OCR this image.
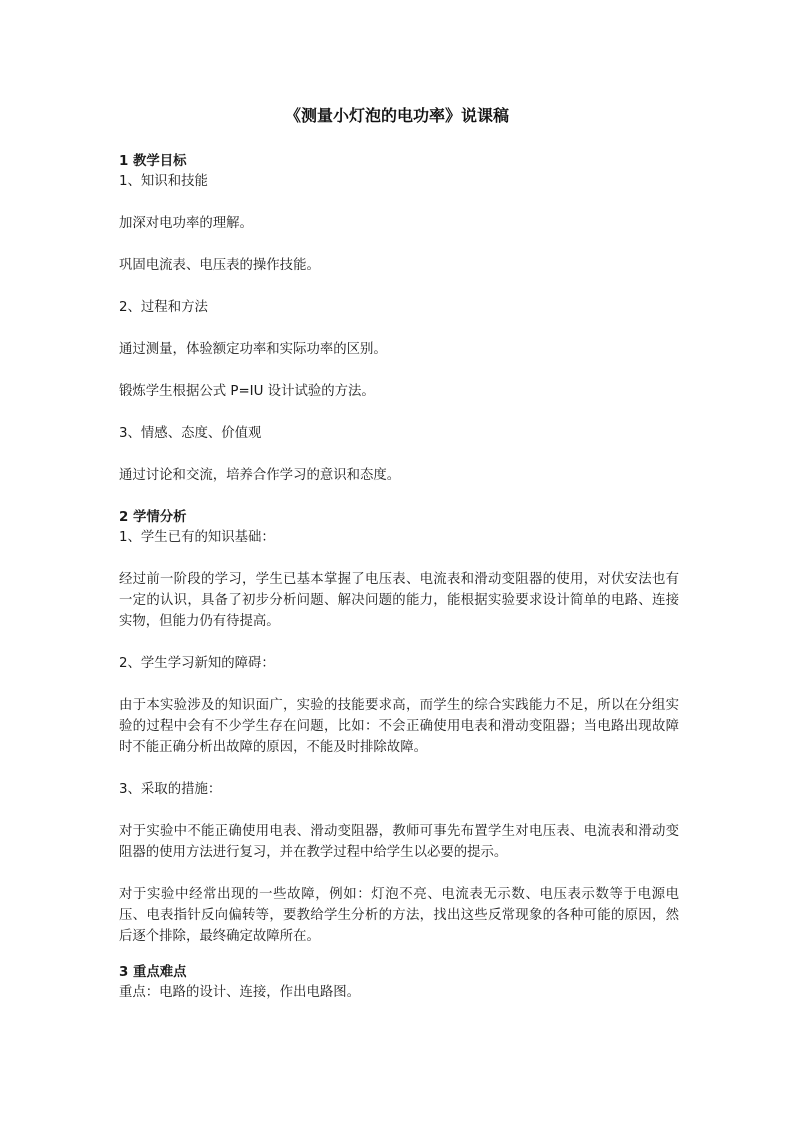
《测量小灯泡的电功率》说课稿
1 教学目标
1、知识和技能
加深对电功率的理解。
巩固电流表、电压表的操作技能。
2、过程和方法
通过测量，体验额定功率和实际功率的区别。
锻炼学生根据公式 P=IU 设计试验的方法。
3、情感、态度、价值观
通过讨论和交流，培养合作学习的意识和态度。
2 学情分析
1、学生已有的知识基础：
经过前一阶段的学习，学生已基本掌握了电压表、电流表和滑动变阻器的使用，对伏安法也有一定的认识，具备了初步分析问题、解决问题的能力，能根据实验要求设计简单的电路、连接实物，但能力仍有待提高。
2、学生学习新知的障碍：
由于本实验涉及的知识面广，实验的技能要求高，而学生的综合实践能力不足，所以在分组实验的过程中会有不少学生存在问题，比如：不会正确使用电表和滑动变阻器；当电路出现故障时不能正确分析出故障的原因，不能及时排除故障。
3、采取的措施：
对于实验中不能正确使用电表、滑动变阻器，教师可事先布置学生对电压表、电流表和滑动变阻器的使用方法进行复习，并在教学过程中给学生以必要的提示。
对于实验中经常出现的一些故障，例如：灯泡不亮、电流表无示数、电压表示数等于电源电压、电表指针反向偏转等，要教给学生分析的方法，找出这些反常现象的各种可能的原因，然后逐个排除，最终确定故障所在。
3 重点难点
重点：电路的设计、连接，作出电路图。
